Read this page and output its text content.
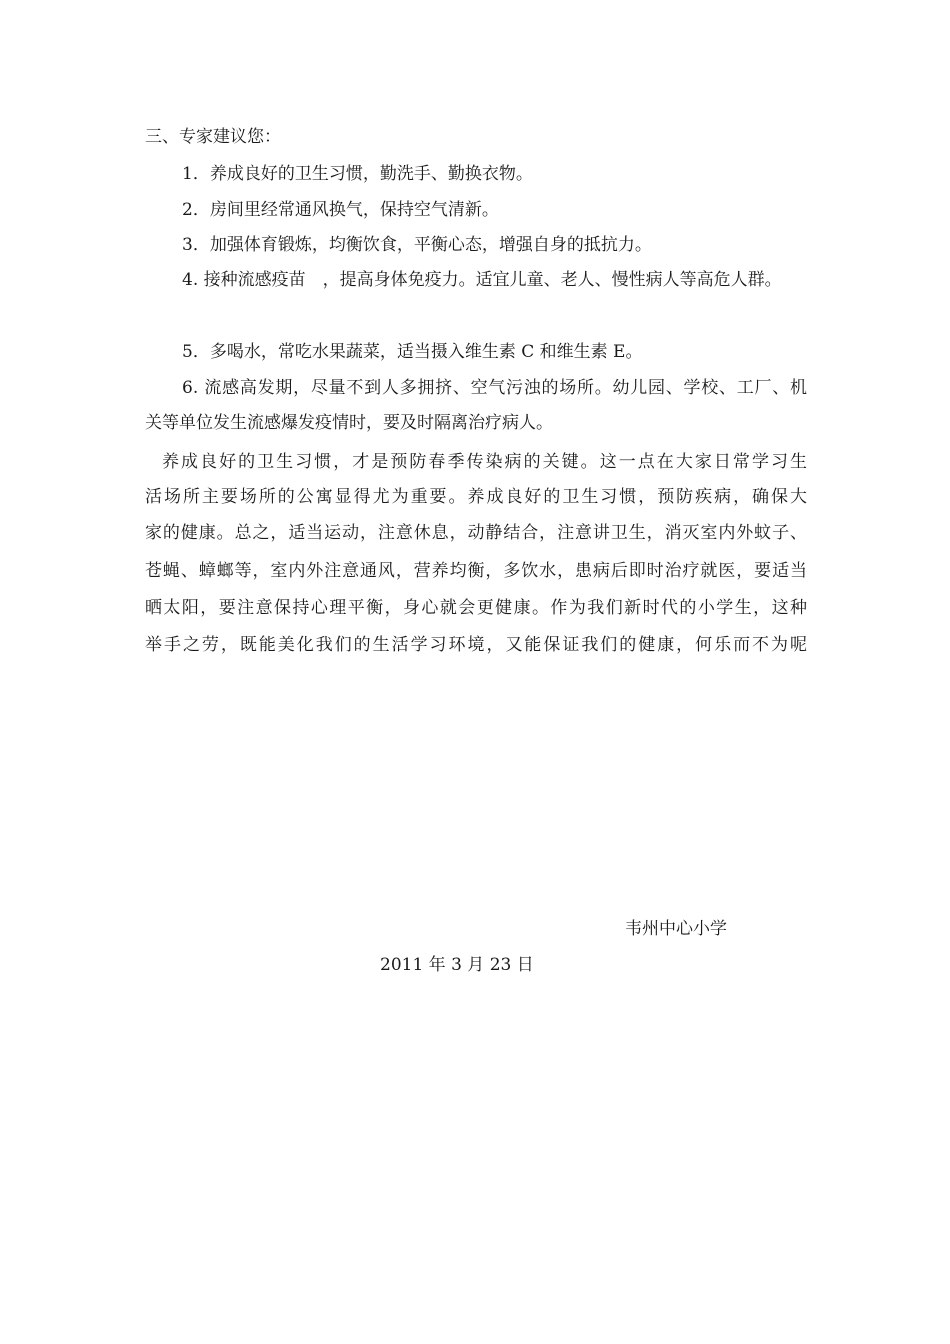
三、专家建议您：
1．养成良好的卫生习惯，勤洗手、勤换衣物。
2．房间里经常通风换气，保持空气清新。
3．加强体育锻炼，均衡饮食，平衡心态，增强自身的抵抗力。
4. 接种流感疫苗　，提高身体免疫力。适宜儿童、老人、慢性病人等高危人群。
5．多喝水，常吃水果蔬菜，适当摄入维生素 C 和维生素 E。
6. 流感高发期，尽量不到人多拥挤、空气污浊的场所。幼儿园、学校、工厂、机
关等单位发生流感爆发疫情时，要及时隔离治疗病人。
养成良好的卫生习惯，才是预防春季传染病的关键。这一点在大家日常学习生
活场所主要场所的公寓显得尤为重要。养成良好的卫生习惯，预防疾病，确保大
家的健康。总之，适当运动，注意休息，动静结合，注意讲卫生，消灭室内外蚊子、
苍蝇、蟑螂等，室内外注意通风，营养均衡，多饮水，患病后即时治疗就医，要适当
晒太阳，要注意保持心理平衡，身心就会更健康。作为我们新时代的小学生，这种
举手之劳，既能美化我们的生活学习环境，又能保证我们的健康，何乐而不为呢
韦州中心小学
2011 年 3 月 23 日
